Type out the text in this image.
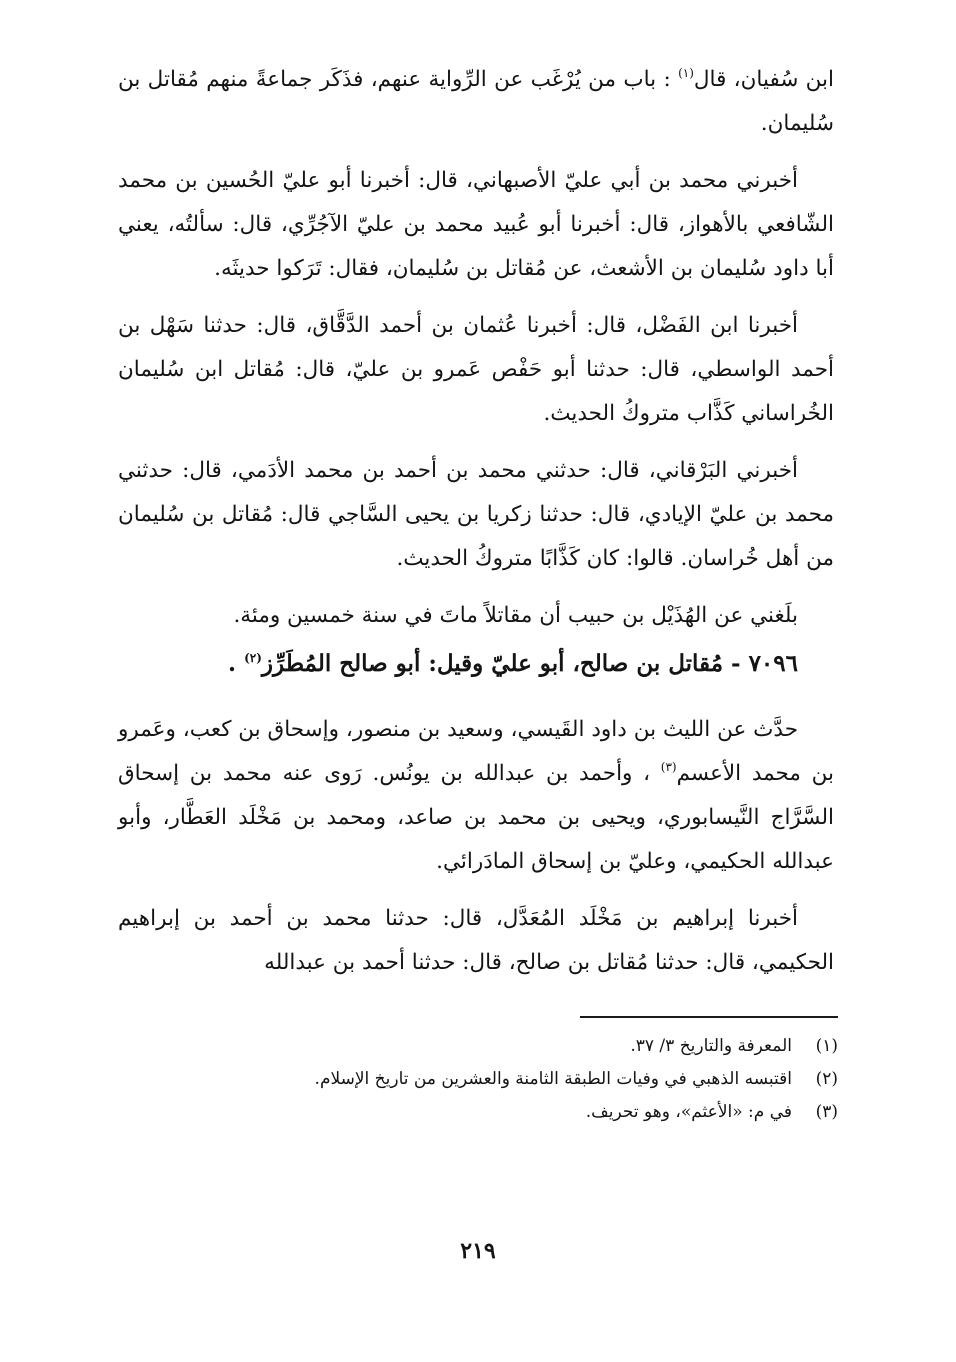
ابن سُفيان، قال$^{(١)}$ : باب من يُرْغَب عن الرِّواية عنهم، فذَكَر جماعةً منهم مُقاتل بن سُليمان.

أخبرني محمد بن أبي عليّ الأصبهاني، قال: أخبرنا أبو عليّ الحُسين بن محمد الشّافعي بالأهواز، قال: أخبرنا أبو عُبيد محمد بن عليّ الآجُرِّي، قال: سألتُه، يعني أبا داود سُليمان بن الأشعث، عن مُقاتل بن سُليمان، فقال: تَرَكوا حديثَه.

أخبرنا ابن الفَضْل، قال: أخبرنا عُثمان بن أحمد الدَّقَّاق، قال: حدثنا سَهْل بن أحمد الواسطي، قال: حدثنا أبو حَفْص عَمرو بن عليّ، قال: مُقاتل ابن سُليمان الخُراساني كَذَّاب متروكُ الحديث.

أخبرني البَرْقاني، قال: حدثني محمد بن أحمد بن محمد الأدَمي، قال: حدثني محمد بن عليّ الإيادي، قال: حدثنا زكريا بن يحيى السَّاجي قال: مُقاتل بن سُليمان من أهل خُراسان. قالوا: كان كَذَّابًا متروكُ الحديث.

بلَغني عن الهُذَيْل بن حبيب أن مقاتلاً ماتَ في سنة خمسين ومئة.

٧٠٩٦ - مُقاتل بن صالح، أبو عليّ وقيل: أبو صالح المُطَرِّز$^{(٢)}$ .

حدَّث عن الليث بن داود القَيسي، وسعيد بن منصور، وإسحاق بن كعب، وعَمرو بن محمد الأعسم$^{(٣)}$ ، وأحمد بن عبدالله بن يونُس. رَوى عنه محمد بن إسحاق السَّرَّاج النَّيسابوري، ويحيى بن محمد بن صاعد، ومحمد بن مَخْلَد العَطَّار، وأبو عبدالله الحكيمي، وعليّ بن إسحاق المادَرائي.

أخبرنا إبراهيم بن مَخْلَد المُعَدَّل، قال: حدثنا محمد بن أحمد بن إبراهيم الحكيمي، قال: حدثنا مُقاتل بن صالح، قال: حدثنا أحمد بن عبدالله

(١)المعرفة والتاريخ ٣/ ٣٧.

(٢)اقتبسه الذهبي في وفيات الطبقة الثامنة والعشرين من تاريخ الإسلام.

(٣)في م: «الأعثم»، وهو تحريف.

٢١٩
